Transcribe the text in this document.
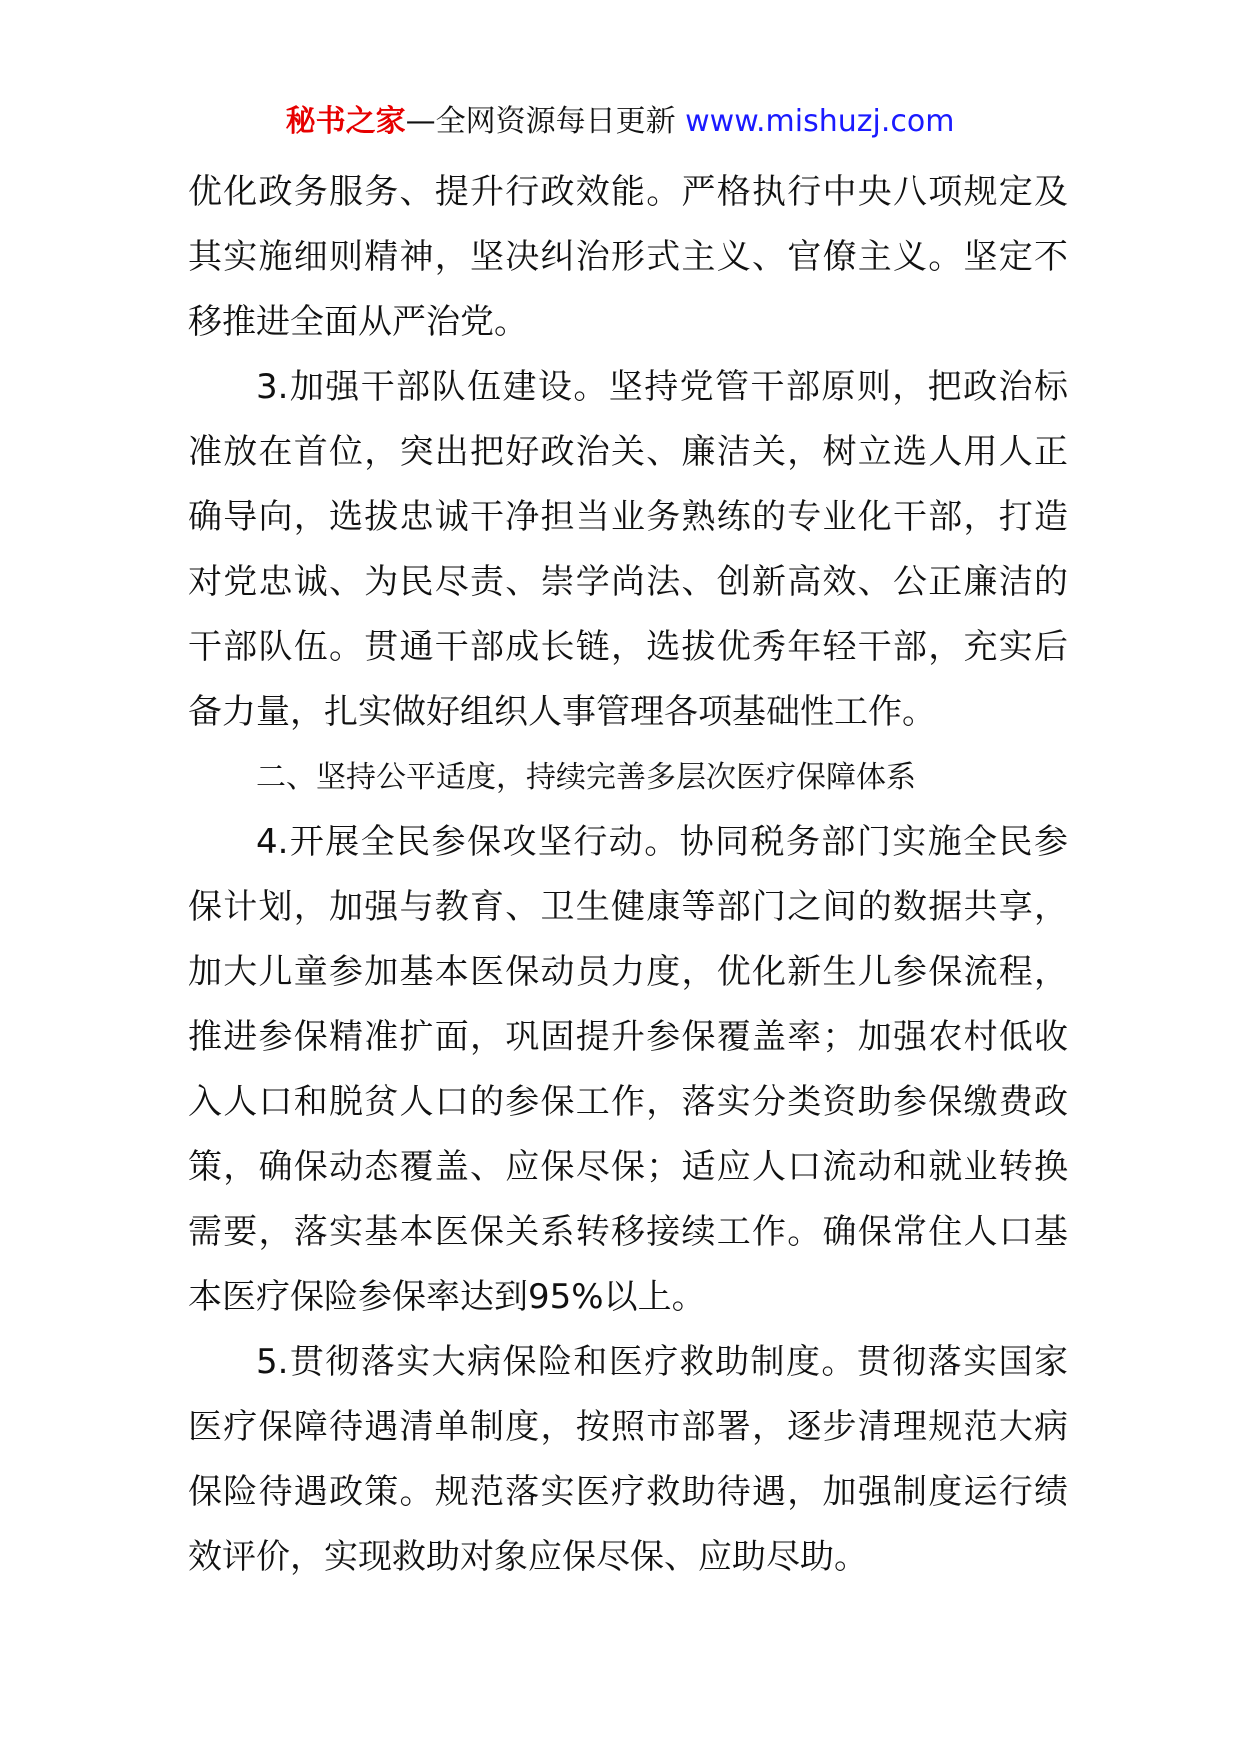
秘书之家—全网资源每日更新 www.mishuzj.com

优化政务服务、提升行政效能。严格执行中央八项规定及其实施细则精神，坚决纠治形式主义、官僚主义。坚定不移推进全面从严治党。

3.加强干部队伍建设。坚持党管干部原则，把政治标准放在首位，突出把好政治关、廉洁关，树立选人用人正确导向，选拔忠诚干净担当业务熟练的专业化干部，打造对党忠诚、为民尽责、崇学尚法、创新高效、公正廉洁的干部队伍。贯通干部成长链，选拔优秀年轻干部，充实后备力量，扎实做好组织人事管理各项基础性工作。

二、坚持公平适度，持续完善多层次医疗保障体系

4.开展全民参保攻坚行动。协同税务部门实施全民参保计划，加强与教育、卫生健康等部门之间的数据共享，加大儿童参加基本医保动员力度，优化新生儿参保流程，推进参保精准扩面，巩固提升参保覆盖率；加强农村低收入人口和脱贫人口的参保工作，落实分类资助参保缴费政策，确保动态覆盖、应保尽保；适应人口流动和就业转换需要，落实基本医保关系转移接续工作。确保常住人口基本医疗保险参保率达到95%以上。

5.贯彻落实大病保险和医疗救助制度。贯彻落实国家医疗保障待遇清单制度，按照市部署，逐步清理规范大病保险待遇政策。规范落实医疗救助待遇，加强制度运行绩效评价，实现救助对象应保尽保、应助尽助。
